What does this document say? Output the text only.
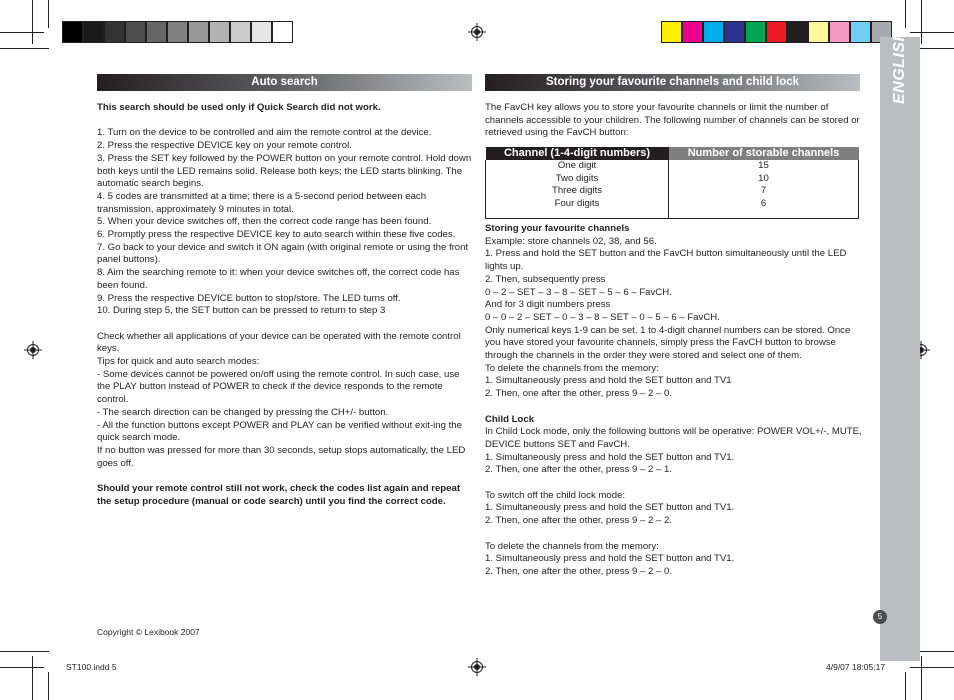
ENGLISH
5
Auto search

This search should be used only if Quick Search did not work.

1. Turn on the device to be controlled and aim the remote control at the device.

2. Press the respective DEVICE key on your remote control.

3. Press the SET key followed by the POWER button on your remote control. Hold down both keys until the LED remains solid. Release both keys; the LED starts blinking. The automatic search begins.

4. 5 codes are transmitted at a time; there is a 5-second period between each transmission, approximately 9 minutes in total.

5. When your device switches off, then the correct code range has been found.

6. Promptly press the respective DEVICE key to auto search within these five codes.

7. Go back to your device and switch it ON again (with original remote or using the front panel buttons).

8. Aim the searching remote to it: when your device switches off, the correct code has been found.

9. Press the respective DEVICE button to stop/store. The LED turns off.

10. During step 5, the SET button can be pressed to return to step 3

Check whether all applications of your device can be operated with the remote control keys.

Tips for quick and auto search modes:

- Some devices cannot be powered on/off using the remote control. In such case, use the PLAY button instead of POWER to check if the device responds to the remote control.

- The search direction can be changed by pressing the CH+/- button.

- All the function buttons except POWER and PLAY can be verified without exit-ing the quick search mode.

If no button was pressed for more than 30 seconds, setup stops automatically, the LED goes off.

Should your remote control still not work, check the codes list again and repeat the setup procedure (manual or code search) until you find the correct code.

Storing your favourite channels and child lock

The FavCH key allows you to store your favourite channels or limit the number of channels accessible to your children. The following number of channels can be stored or retrieved using the FavCH button:

Channel (1-4-digit numbers)	Number of storable channels
One digit	15
Two digits	10
Three digits	7
Four digits	6

Storing your favourite channels

Example: store channels 02, 38, and 56.

1. Press and hold the SET button and the FavCH button simultaneously until the LED lights up.

2. Then, subsequently press

0 – 2 – SET – 3 – 8 – SET – 5 – 6 – FavCH.

And for 3 digit numbers press

0 – 0 – 2 – SET – 0 – 3 – 8 – SET – 0 – 5 – 6 – FavCH.

Only numerical keys 1-9 can be set. 1 to 4-digit channel numbers can be stored. Once you have stored your favourite channels, simply press the FavCH button to browse through the channels in the order they were stored and select one of them.

To delete the channels from the memory:

1. Simultaneously press and hold the SET button and TV1

2. Then, one after the other, press 9 – 2 – 0.

Child Lock

In Child Lock mode, only the following buttons will be operative: POWER VOL+/-, MUTE, DEVICE buttons SET and FavCH.

1. Simultaneously press and hold the SET button and TV1.

2. Then, one after the other, press 9 – 2 – 1.

To switch off the child lock mode:

1. Simultaneously press and hold the SET button and TV1.

2. Then, one after the other, press 9 – 2 – 2.

To delete the channels from the memory:

1. Simultaneously press and hold the SET button and TV1.

2. Then, one after the other, press 9 – 2 – 0.

Copyright © Lexibook 2007
ST100.indd 5	4/9/07 18:05:17
